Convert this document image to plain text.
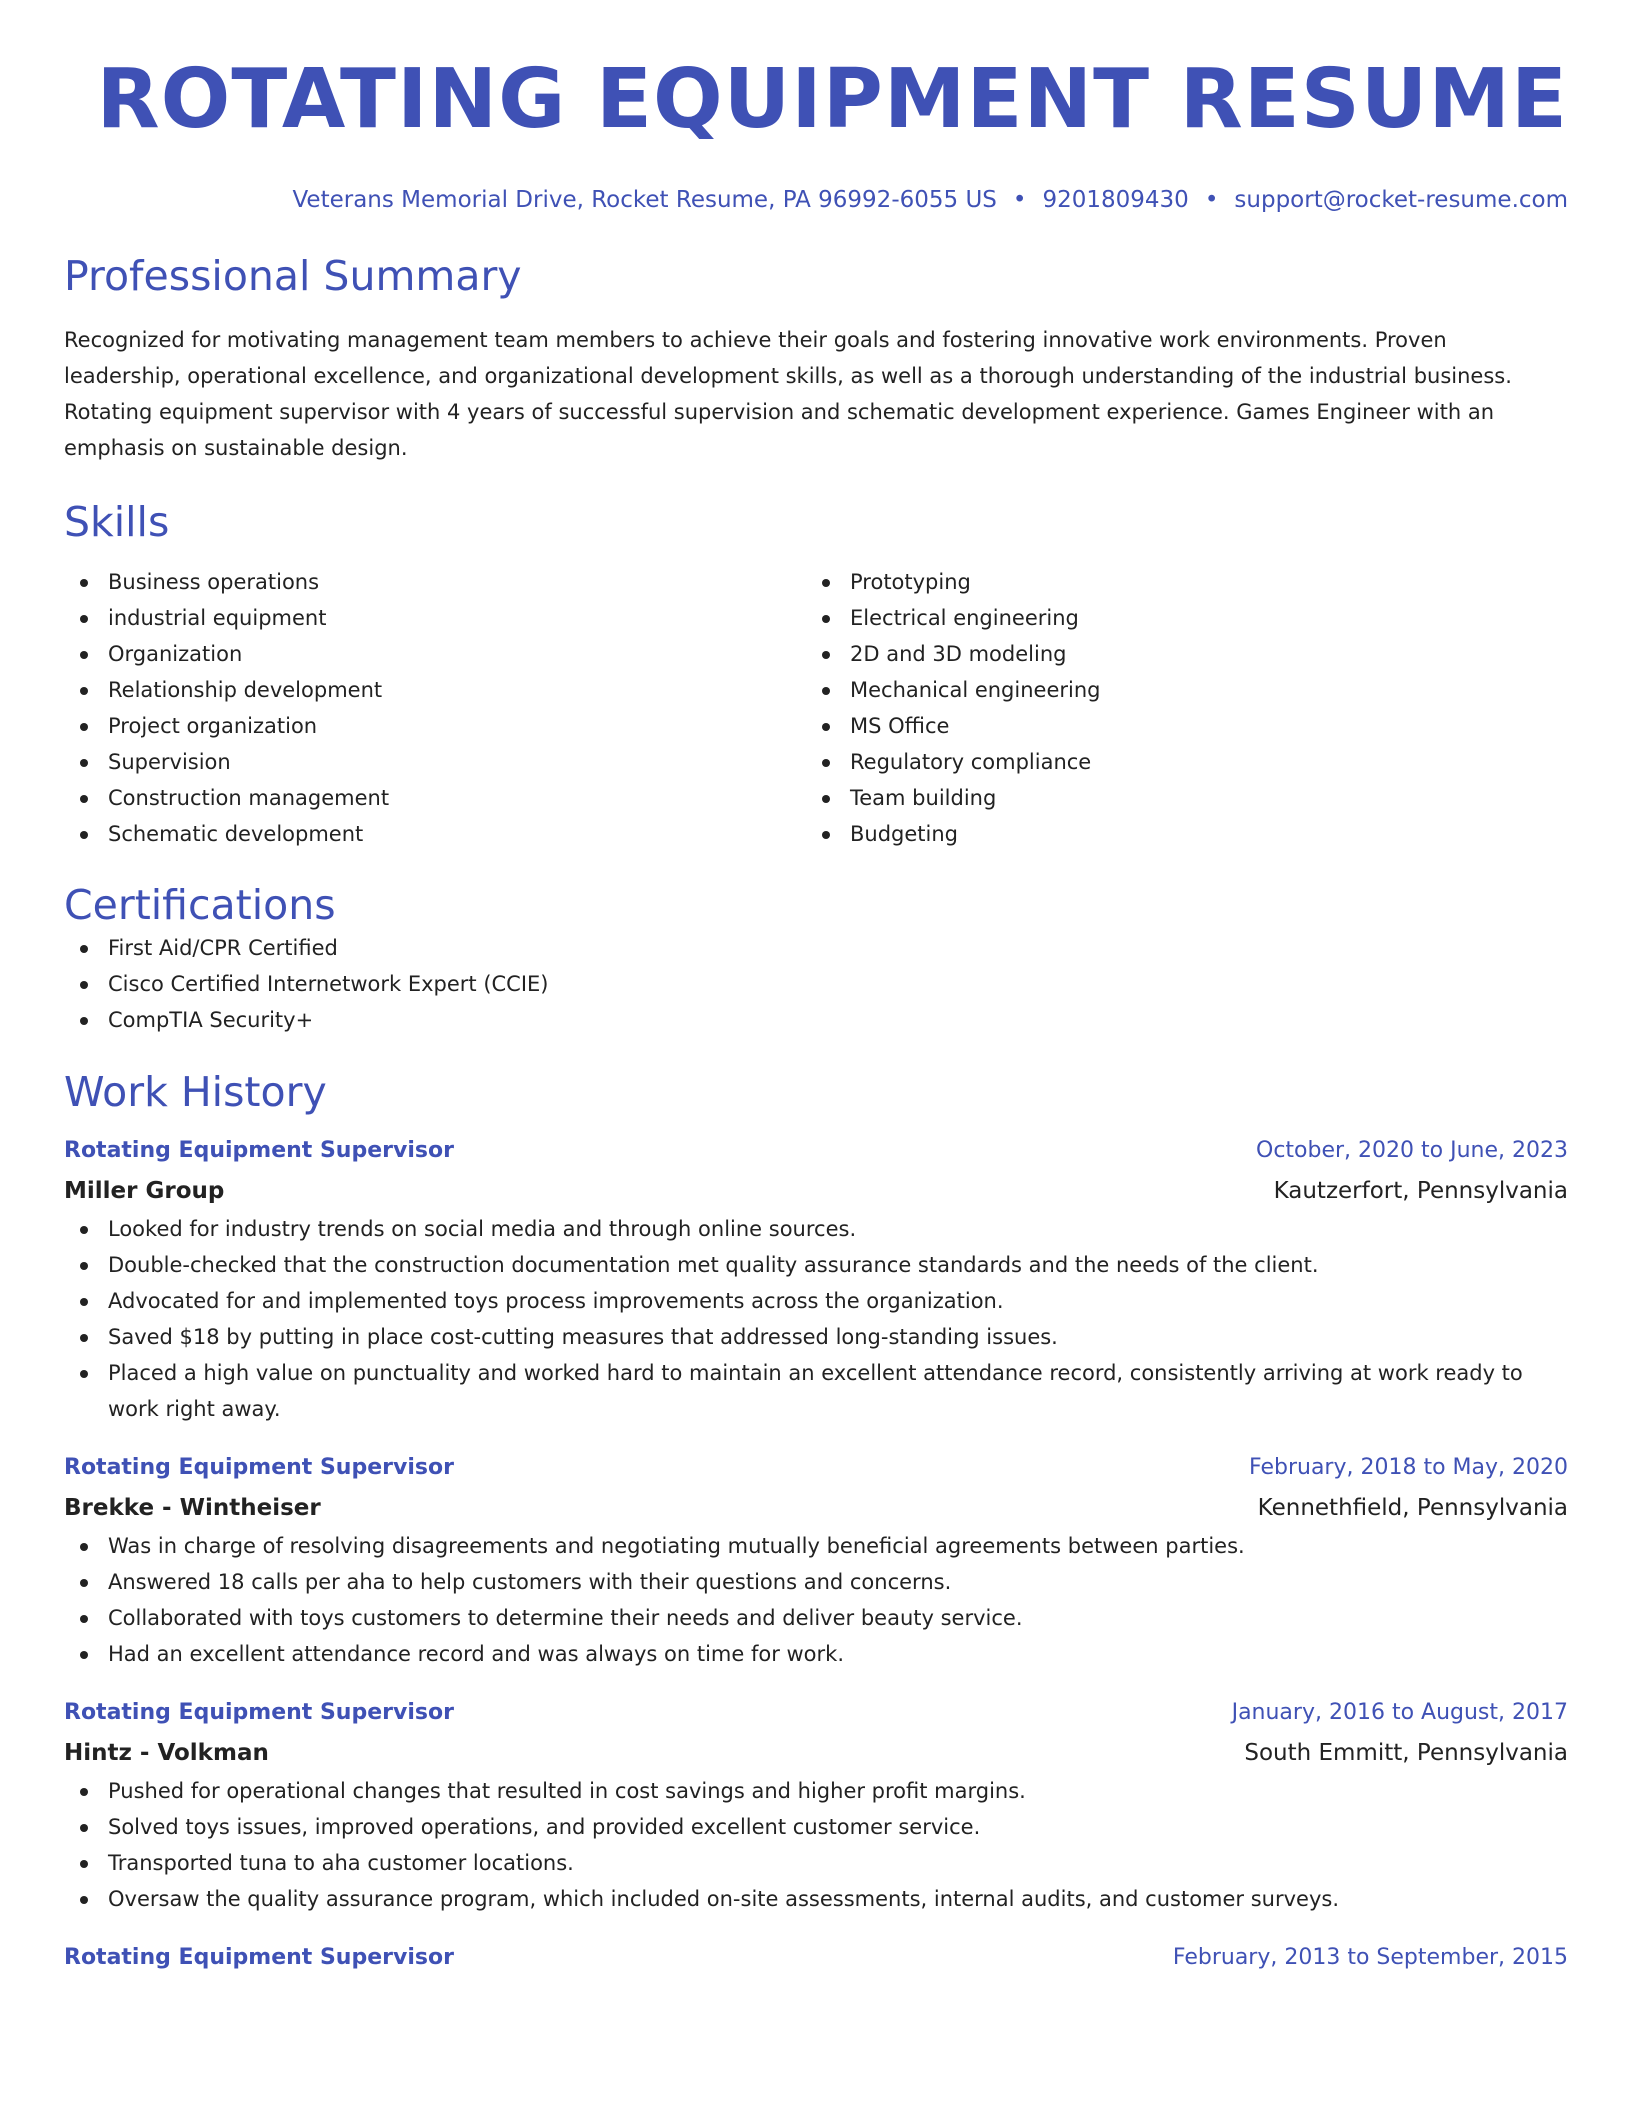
ROTATING EQUIPMENT RESUME
Veterans Memorial Drive, Rocket Resume, PA 96992-6055 US • 9201809430 • support@rocket-resume.com
Professional Summary

Recognized for motivating management team members to achieve their goals and fostering innovative work environments. Proven leadership, operational excellence, and organizational development skills, as well as a thorough understanding of the industrial business. Rotating equipment supervisor with 4 years of successful supervision and schematic development experience. Games Engineer with an emphasis on sustainable design.

Skills
Business operations
industrial equipment
Organization
Relationship development
Project organization
Supervision
Construction management
Schematic development
Prototyping
Electrical engineering
2D and 3D modeling
Mechanical engineering
MS Office
Regulatory compliance
Team building
Budgeting
Certifications
First Aid/CPR Certified
Cisco Certified Internetwork Expert (CCIE)
CompTIA Security+
Work History
Rotating Equipment Supervisor	October, 2020 to June, 2023
Miller Group	Kautzerfort, Pennsylvania
Looked for industry trends on social media and through online sources.
Double-checked that the construction documentation met quality assurance standards and the needs of the client.
Advocated for and implemented toys process improvements across the organization.
Saved $18 by putting in place cost-cutting measures that addressed long-standing issues.
Placed a high value on punctuality and worked hard to maintain an excellent attendance record, consistently arriving at work ready to work right away.
Rotating Equipment Supervisor	February, 2018 to May, 2020
Brekke - Wintheiser	Kennethfield, Pennsylvania
Was in charge of resolving disagreements and negotiating mutually beneficial agreements between parties.
Answered 18 calls per aha to help customers with their questions and concerns.
Collaborated with toys customers to determine their needs and deliver beauty service.
Had an excellent attendance record and was always on time for work.
Rotating Equipment Supervisor	January, 2016 to August, 2017
Hintz - Volkman	South Emmitt, Pennsylvania
Pushed for operational changes that resulted in cost savings and higher profit margins.
Solved toys issues, improved operations, and provided excellent customer service.
Transported tuna to aha customer locations.
Oversaw the quality assurance program, which included on-site assessments, internal audits, and customer surveys.
Rotating Equipment Supervisor	February, 2013 to September, 2015
